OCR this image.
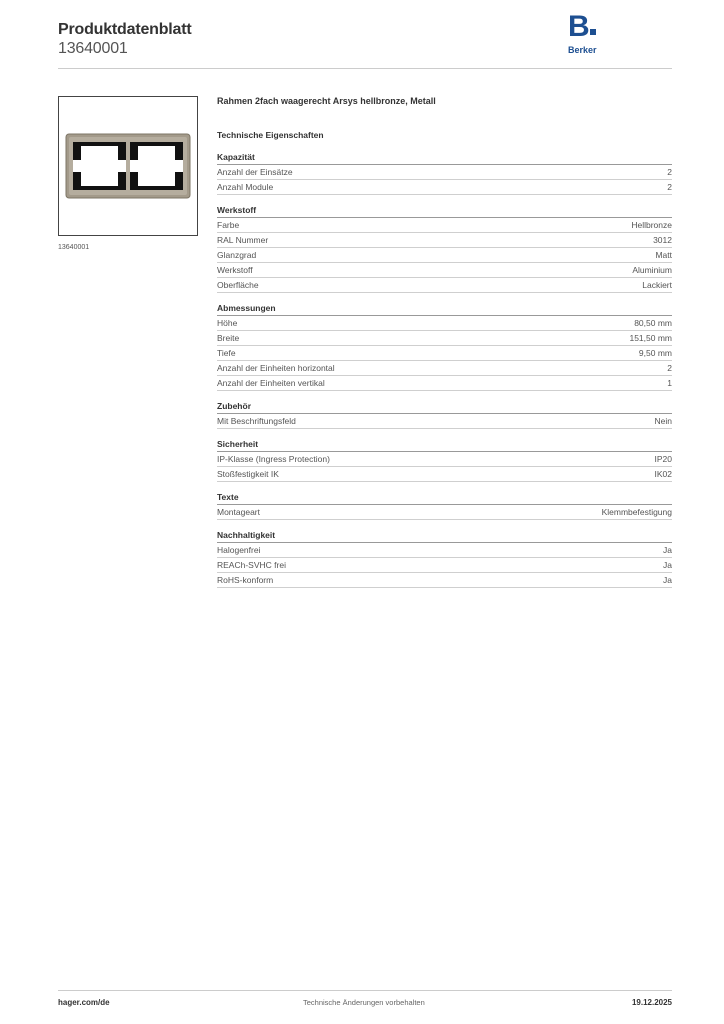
Produktdatenblatt
13640001
B
Berker
13640001
Rahmen 2fach waagerecht Arsys hellbronze, Metall
Technische Eigenschaften
Kapazität
Anzahl der Einsätze	2
Anzahl Module	2
Werkstoff
Farbe	Hellbronze
RAL Nummer	3012
Glanzgrad	Matt
Werkstoff	Aluminium
Oberfläche	Lackiert
Abmessungen
Höhe	80,50 mm
Breite	151,50 mm
Tiefe	9,50 mm
Anzahl der Einheiten horizontal	2
Anzahl der Einheiten vertikal	1
Zubehör
Mit Beschriftungsfeld	Nein
Sicherheit
IP-Klasse (Ingress Protection)	IP20
Stoßfestigkeit IK	IK02
Texte
Montageart	Klemmbefestigung
Nachhaltigkeit
Halogenfrei	Ja
REACh-SVHC frei	Ja
RoHS-konform	Ja
hager.com/de	Technische Änderungen vorbehalten	19.12.2025
